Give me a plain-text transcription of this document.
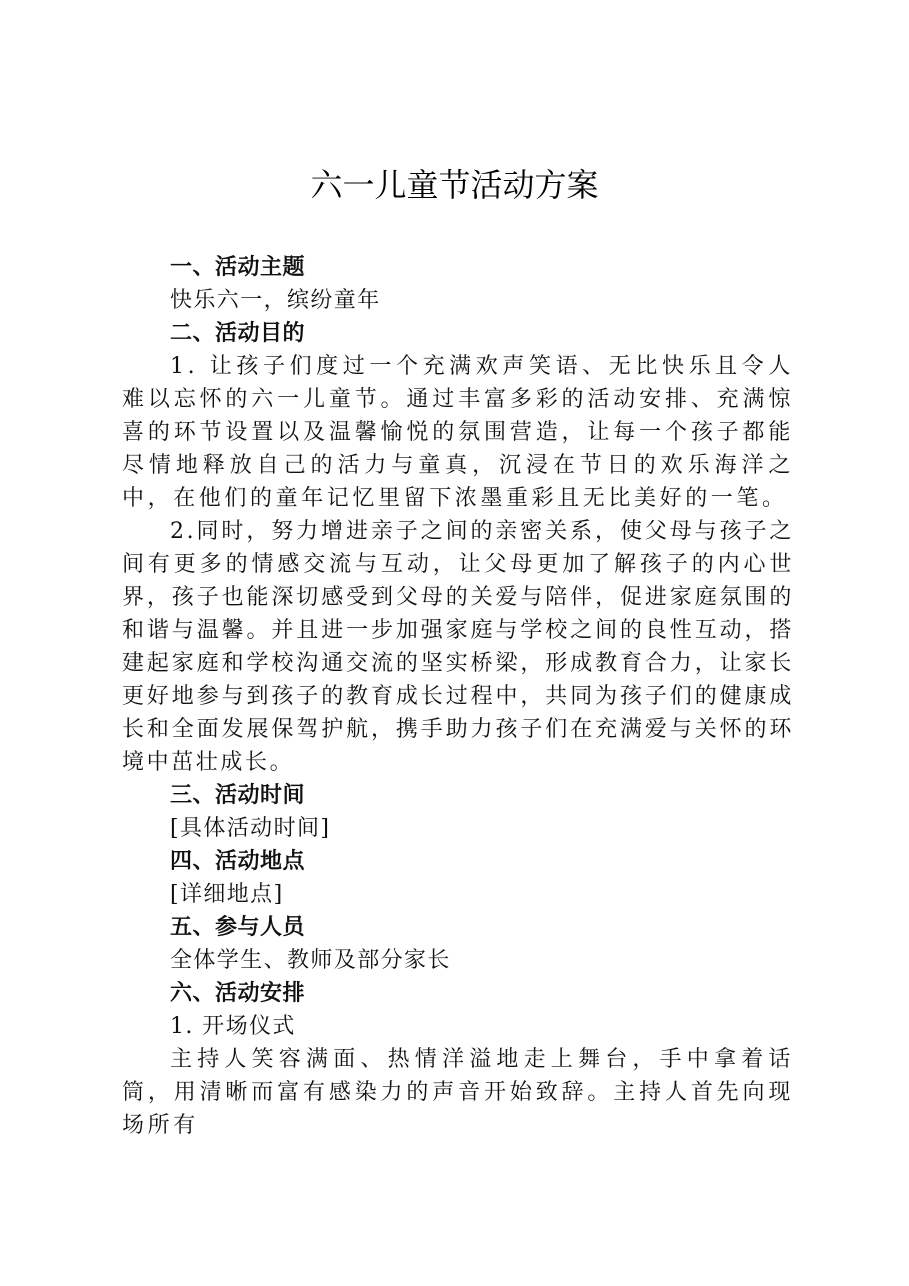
六一儿童节活动方案
一、活动主题
快乐六一，缤纷童年
二、活动目的
1. 让孩子们度过一个充满欢声笑语、无比快乐且令人难以忘怀的六一儿童节。通过丰富多彩的活动安排、充满惊喜的环节设置以及温馨愉悦的氛围营造，让每一个孩子都能尽情地释放自己的活力与童真，沉浸在节日的欢乐海洋之中，在他们的童年记忆里留下浓墨重彩且无比美好的一笔。
2.同时，努力增进亲子之间的亲密关系，使父母与孩子之间有更多的情感交流与互动，让父母更加了解孩子的内心世界，孩子也能深切感受到父母的关爱与陪伴，促进家庭氛围的和谐与温馨。并且进一步加强家庭与学校之间的良性互动，搭建起家庭和学校沟通交流的坚实桥梁，形成教育合力，让家长更好地参与到孩子的教育成长过程中，共同为孩子们的健康成长和全面发展保驾护航，携手助力孩子们在充满爱与关怀的环境中茁壮成长。
三、活动时间
[具体活动时间]
四、活动地点
[详细地点]
五、参与人员
全体学生、教师及部分家长
六、活动安排
1. 开场仪式
主持人笑容满面、热情洋溢地走上舞台，手中拿着话筒，用清晰而富有感染力的声音开始致辞。主持人首先向现场所有
